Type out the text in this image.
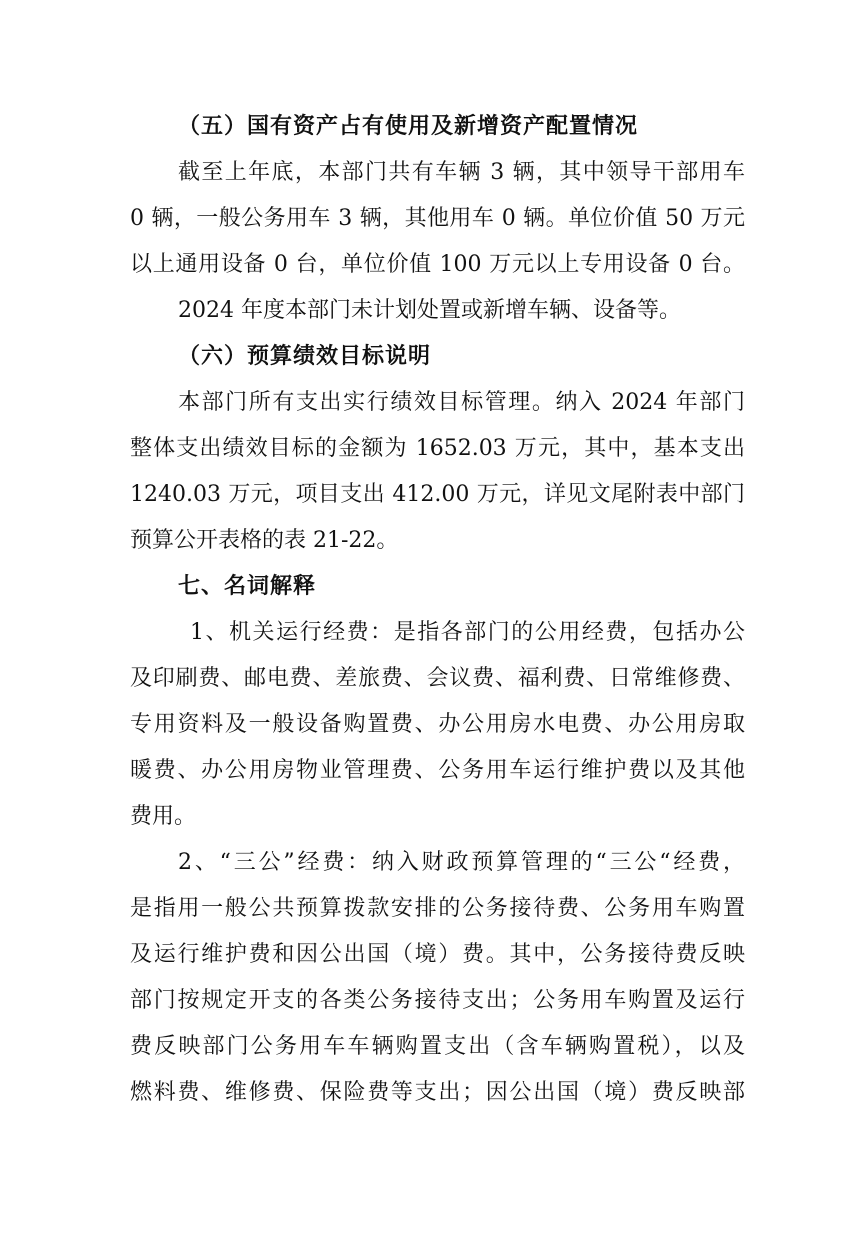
（五）国有资产占有使用及新增资产配置情况
截至上年底，本部门共有车辆 3 辆，其中领导干部用车
0 辆，一般公务用车 3 辆，其他用车 0 辆。单位价值 50 万元
以上通用设备 0 台，单位价值 100 万元以上专用设备 0 台。
2024 年度本部门未计划处置或新增车辆、设备等。
（六）预算绩效目标说明
本部门所有支出实行绩效目标管理。纳入 2024 年部门
整体支出绩效目标的金额为 1652.03 万元，其中，基本支出
1240.03 万元，项目支出 412.00 万元，详见文尾附表中部门
预算公开表格的表 21-22。
七、名词解释
1、机关运行经费：是指各部门的公用经费，包括办公
及印刷费、邮电费、差旅费、会议费、福利费、日常维修费、
专用资料及一般设备购置费、办公用房水电费、办公用房取
暖费、办公用房物业管理费、公务用车运行维护费以及其他
费用。
2、“三公”经费：纳入财政预算管理的“三公“经费，
是指用一般公共预算拨款安排的公务接待费、公务用车购置
及运行维护费和因公出国（境）费。其中，公务接待费反映
部门按规定开支的各类公务接待支出；公务用车购置及运行
费反映部门公务用车车辆购置支出（含车辆购置税），以及
燃料费、维修费、保险费等支出；因公出国（境）费反映部
